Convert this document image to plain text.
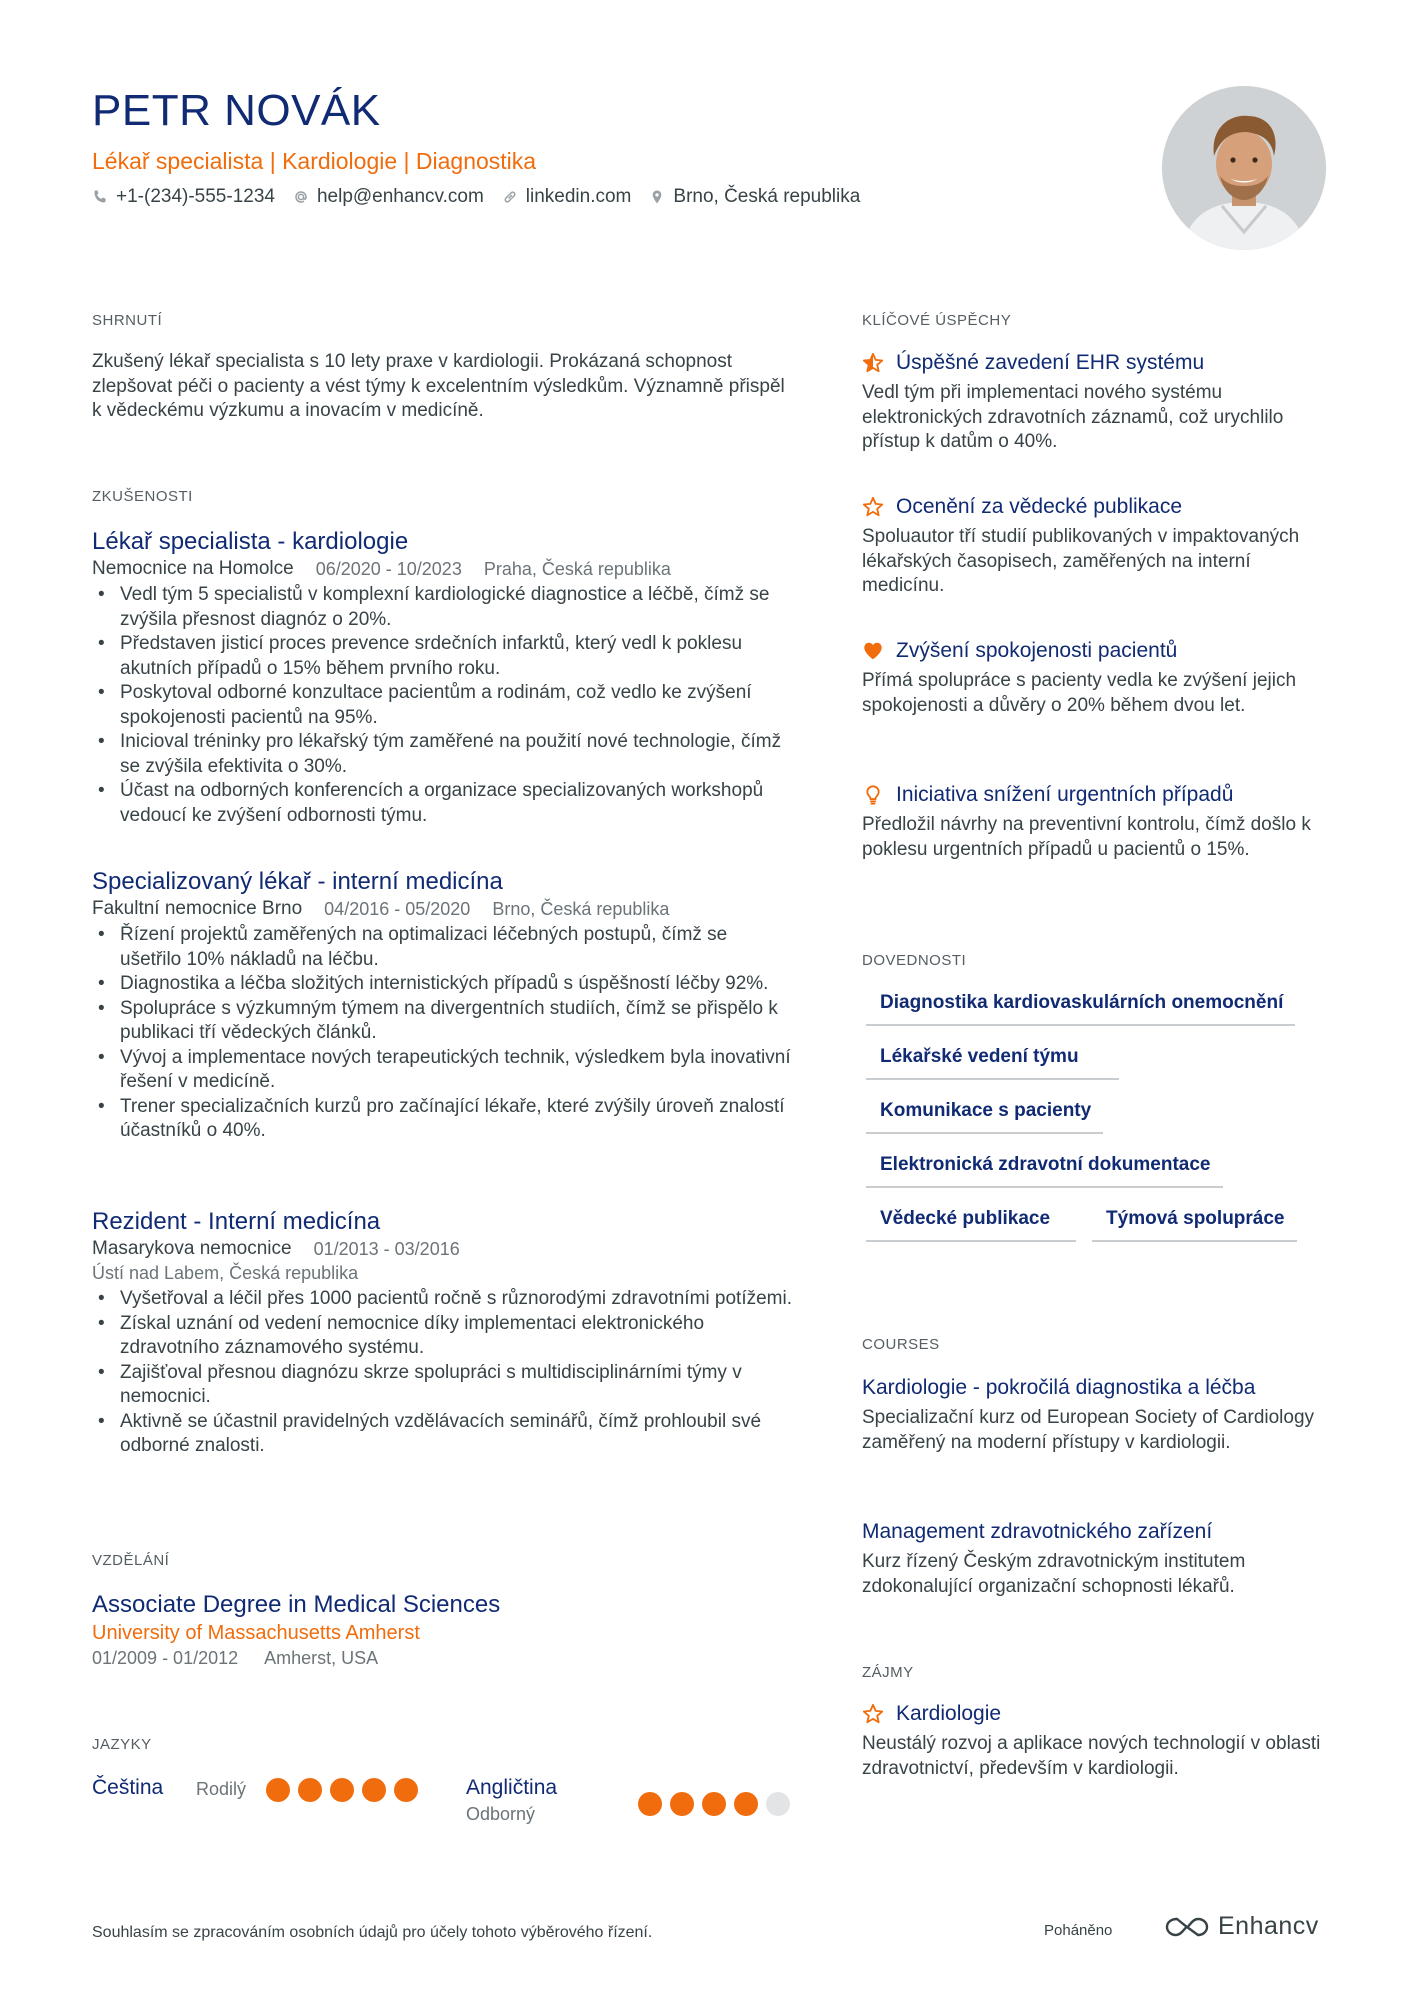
PETR NOVÁK
Lékař specialista | Kardiologie | Diagnostika
+1-(234)-555-1234 help@enhancv.com linkedin.com Brno, Česká republika
SHRNUTÍ
Zkušený lékař specialista s 10 lety praxe v kardiologii. Prokázaná schopnost zlepšovat péči o pacienty a vést týmy k excelentním výsledkům. Významně přispěl k vědeckému výzkumu a inovacím v medicíně.
ZKUŠENOSTI
Lékař specialista - kardiologie
Nemocnice na Homolce 06/2020 - 10/2023 Praha, Česká republika
• Vedl tým 5 specialistů v komplexní kardiologické diagnostice a léčbě, čímž se zvýšila přesnost diagnóz o 20%.
• Představen jisticí proces prevence srdečních infarktů, který vedl k poklesu akutních případů o 15% během prvního roku.
• Poskytoval odborné konzultace pacientům a rodinám, což vedlo ke zvýšení spokojenosti pacientů na 95%.
• Inicioval tréninky pro lékařský tým zaměřené na použití nové technologie, čímž se zvýšila efektivita o 30%.
• Účast na odborných konferencích a organizace specializovaných workshopů vedoucí ke zvýšení odbornosti týmu.
Specializovaný lékař - interní medicína
Fakultní nemocnice Brno 04/2016 - 05/2020 Brno, Česká republika
• Řízení projektů zaměřených na optimalizaci léčebných postupů, čímž se ušetřilo 10% nákladů na léčbu.
• Diagnostika a léčba složitých internistických případů s úspěšností léčby 92%.
• Spolupráce s výzkumným týmem na divergentních studiích, čímž se přispělo k publikaci tří vědeckých článků.
• Vývoj a implementace nových terapeutických technik, výsledkem byla inovativní řešení v medicíně.
• Trener specializačních kurzů pro začínající lékaře, které zvýšily úroveň znalostí účastníků o 40%.
Rezident - Interní medicína
Masarykova nemocnice 01/2013 - 03/2016
Ústí nad Labem, Česká republika
• Vyšetřoval a léčil přes 1000 pacientů ročně s různorodými zdravotními potížemi.
• Získal uznání od vedení nemocnice díky implementaci elektronického zdravotního záznamového systému.
• Zajišťoval přesnou diagnózu skrze spolupráci s multidisciplinárními týmy v nemocnici.
• Aktivně se účastnil pravidelných vzdělávacích seminářů, čímž prohloubil své odborné znalosti.
VZDĚLÁNÍ
Associate Degree in Medical Sciences
University of Massachusetts Amherst
01/2009 - 01/2012 Amherst, USA
JAZYKY
Čeština Rodilý	Angličtina
Odborný
KLÍČOVÉ ÚSPĚCHY
Úspěšné zavedení EHR systému
Vedl tým při implementaci nového systému elektronických zdravotních záznamů, což urychlilo přístup k datům o 40%.
Ocenění za vědecké publikace
Spoluautor tří studií publikovaných v impaktovaných lékařských časopisech, zaměřených na interní medicínu.
Zvýšení spokojenosti pacientů
Přímá spolupráce s pacienty vedla ke zvýšení jejich spokojenosti a důvěry o 20% během dvou let.
Iniciativa snížení urgentních případů
Předložil návrhy na preventivní kontrolu, čímž došlo k poklesu urgentních případů u pacientů o 15%.
DOVEDNOSTI
Diagnostika kardiovaskulárních onemocnění
Lékařské vedení týmu
Komunikace s pacienty
Elektronická zdravotní dokumentace
Vědecké publikace	Týmová spolupráce
COURSES
Kardiologie - pokročilá diagnostika a léčba
Specializační kurz od European Society of Cardiology zaměřený na moderní přístupy v kardiologii.
Management zdravotnického zařízení
Kurz řízený Českým zdravotnickým institutem zdokonalující organizační schopnosti lékařů.
ZÁJMY
Kardiologie
Neustálý rozvoj a aplikace nových technologií v oblasti zdravotnictví, především v kardiologii.
Souhlasím se zpracováním osobních údajů pro účely tohoto výběrového řízení.	Poháněno	Enhancv
